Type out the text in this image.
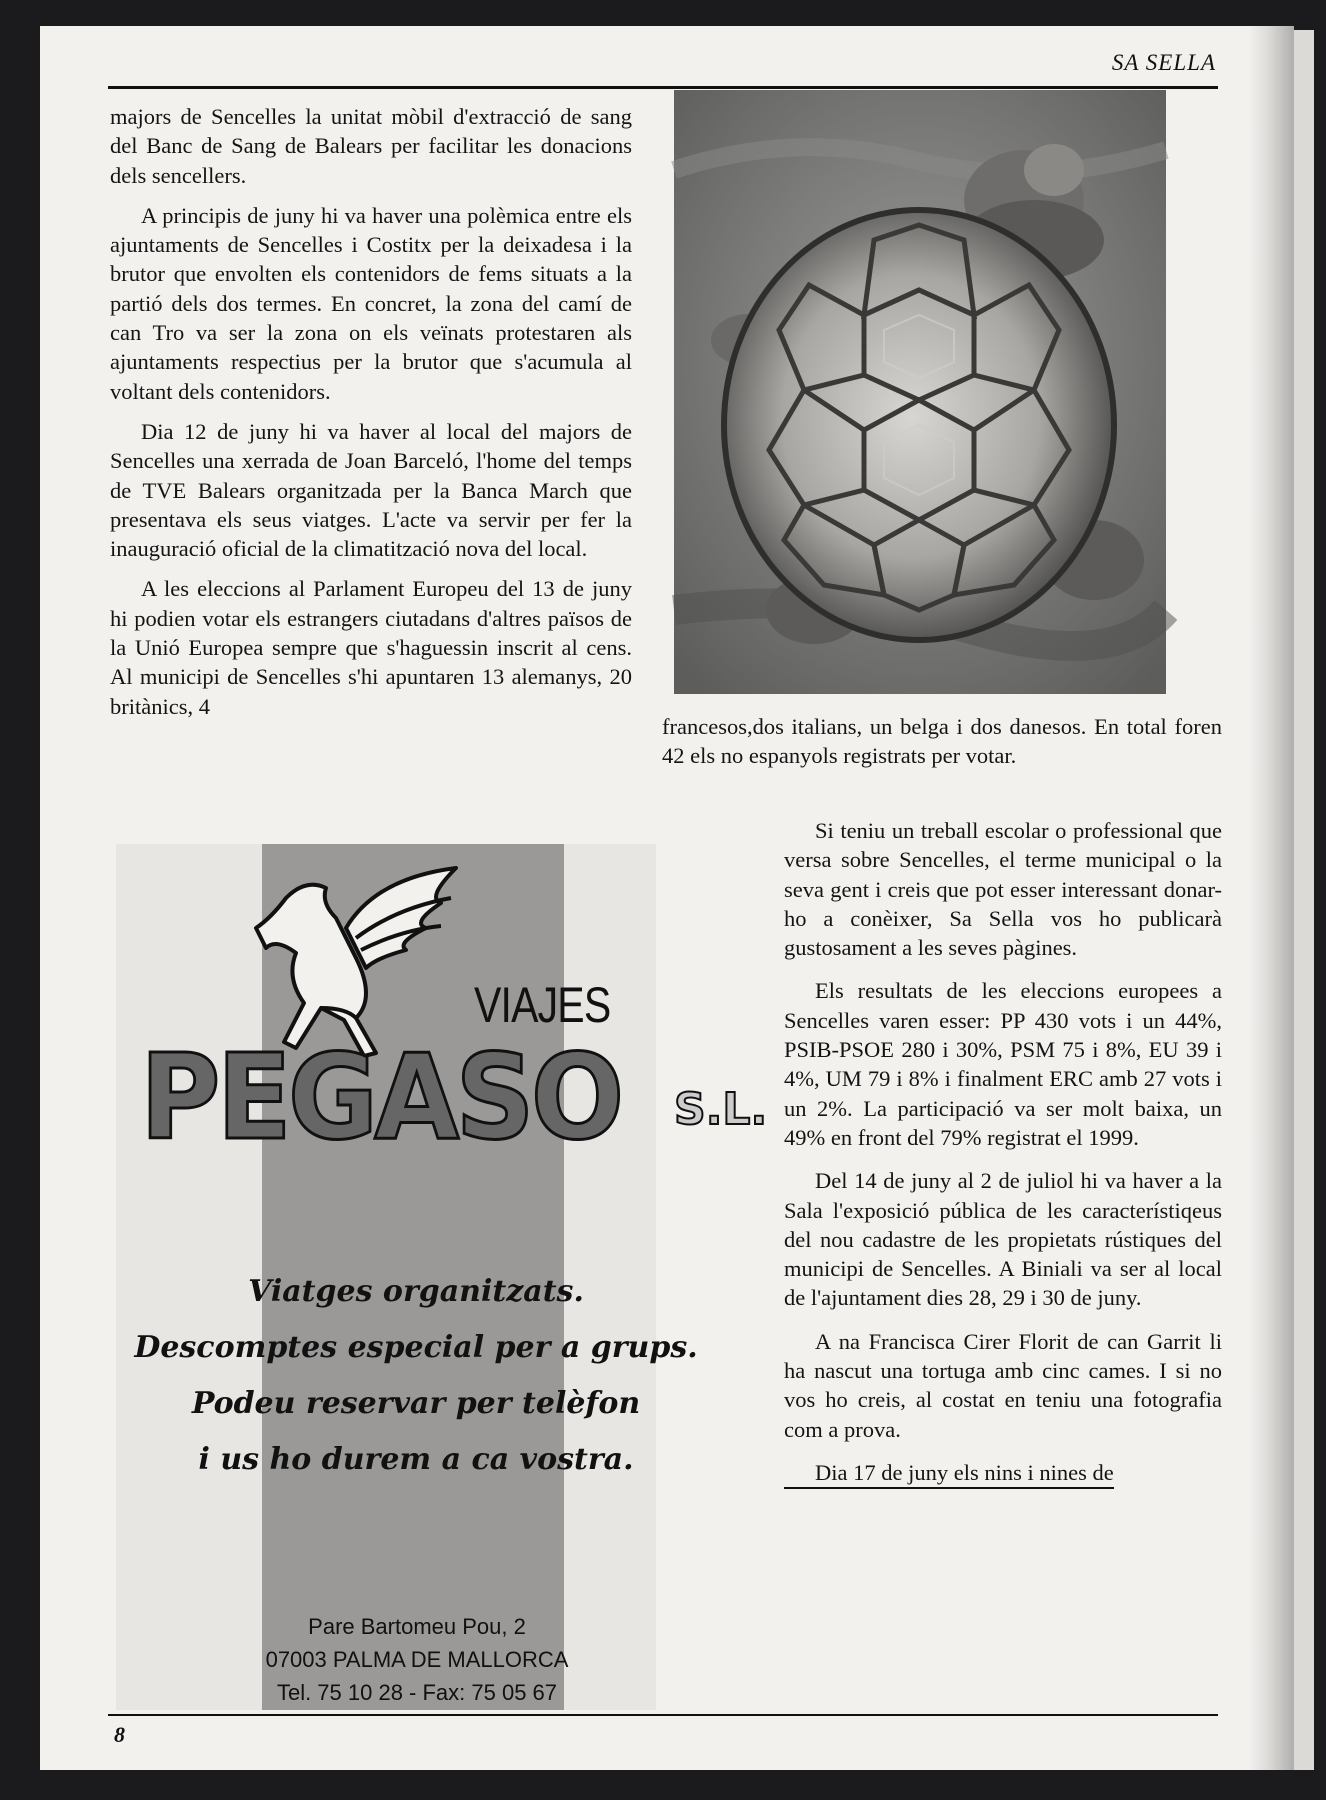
SA SELLA

majors de Sencelles la unitat mòbil d'extracció de sang del Banc de Sang de Balears per facilitar les donacions dels sencellers.

A principis de juny hi va haver una polèmica entre els ajuntaments de Sencelles i Costitx per la deixadesa i la brutor que envolten els contenidors de fems situats a la partió dels dos termes. En concret, la zona del camí de can Tro va ser la zona on els veïnats protestaren als ajuntaments respectius per la brutor que s'acumula al voltant dels contenidors.

Dia 12 de juny hi va haver al local del majors de Sencelles una xerrada de Joan Barceló, l'home del temps de TVE Balears organitzada per la Banca March que presentava els seus viatges. L'acte va servir per fer la inauguració oficial de la climatització nova del local.

A les eleccions al Parlament Europeu del 13 de juny hi podien votar els estrangers ciutadans d'altres països de la Unió Europea sempre que s'haguessin inscrit al cens. Al municipi de Sencelles s'hi apuntaren 13 alemanys, 20 britànics, 4

francesos,dos italians, un belga i dos danesos. En total foren 42 els no espanyols registrats per votar.

Si teniu un treball escolar o professional que versa sobre Sencelles, el terme municipal o la seva gent i creis que pot esser interessant donar-ho a conèixer, Sa Sella vos ho publicarà gustosament a les seves pàgines.

Els resultats de les eleccions europees a Sencelles varen esser: PP 430 vots i un 44%, PSIB-PSOE 280 i 30%, PSM 75 i 8%, EU 39 i 4%, UM 79 i 8% i finalment ERC amb 27 vots i un 2%. La participació va ser molt baixa, un 49% en front del 79% registrat el 1999.

Del 14 de juny al 2 de juliol hi va haver a la Sala l'exposició pública de les característiqeus del nou cadastre de les propietats rústiques del municipi de Sencelles. A Biniali va ser al local de l'ajuntament dies 28, 29 i 30 de juny.

A na Francisca Cirer Florit de can Garrit li ha nascut una tortuga amb cinc cames. I si no vos ho creis, al costat en teniu una fotografia com a prova.

Dia 17 de juny els nins i nines de

VIAJES
PEGASO S.L.
Viatges organitzats.
Descomptes especial per a grups.
Podeu reservar per telèfon
i us ho durem a ca vostra.
Pare Bartomeu Pou, 2
07003 PALMA DE MALLORCA
Tel. 75 10 28 - Fax: 75 05 67
8
